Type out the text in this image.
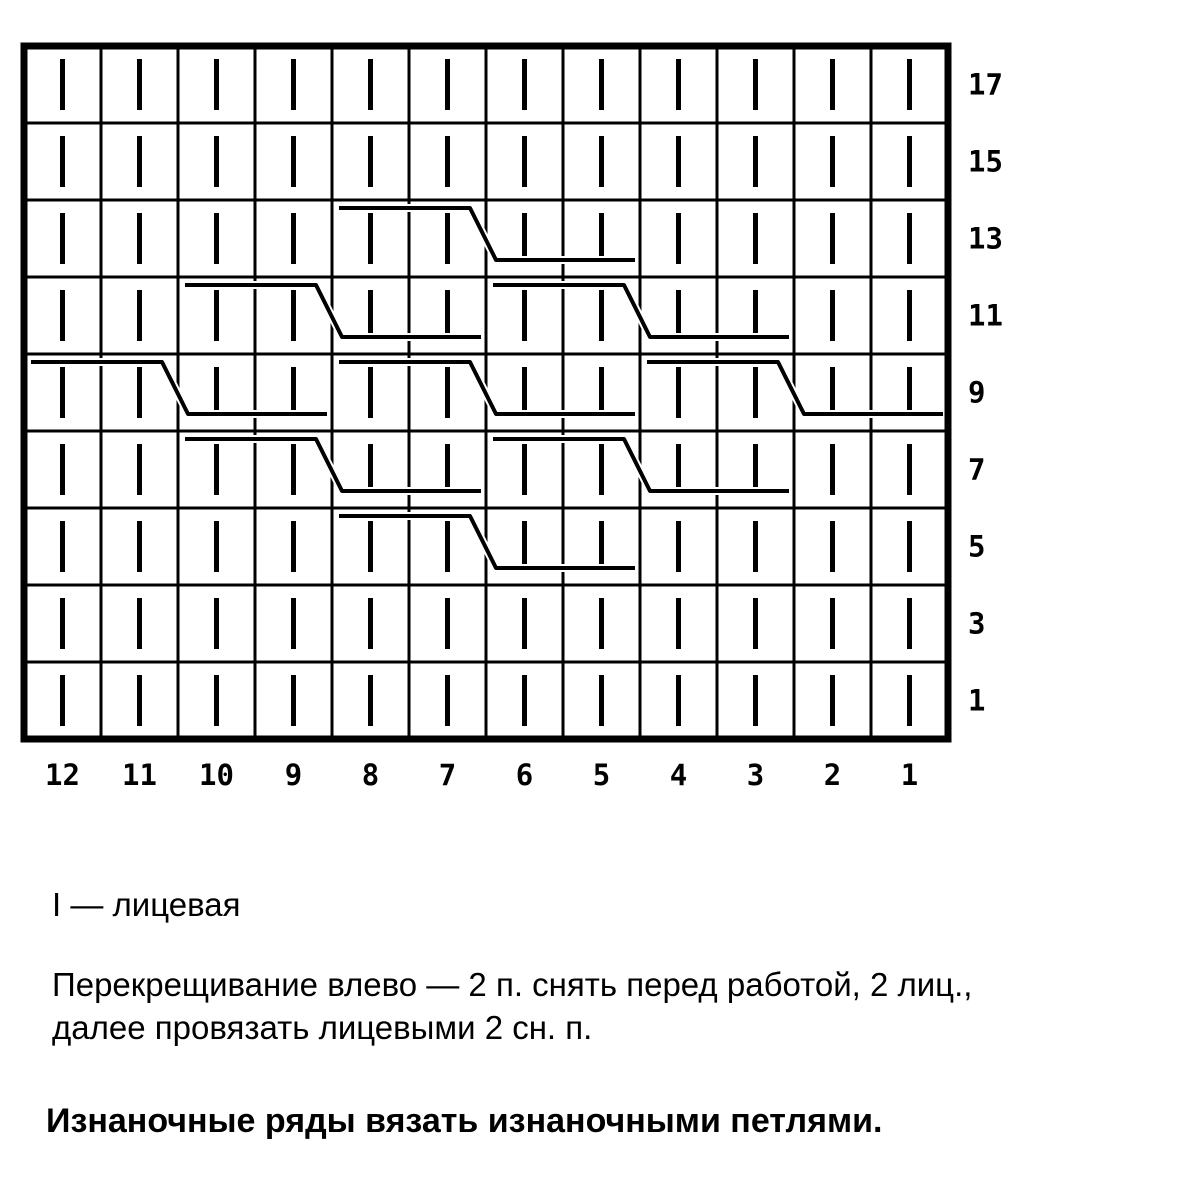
17
15
13
11
9
7
5
3
1
12 11 10 9 8 7 6 5 4 3 2 1
I — лицевая
Перекрещивание влево — 2 п. снять перед работой, 2 лиц.,
далее провязать лицевыми 2 сн. п.
Изнаночные ряды вязать изнаночными петлями.
